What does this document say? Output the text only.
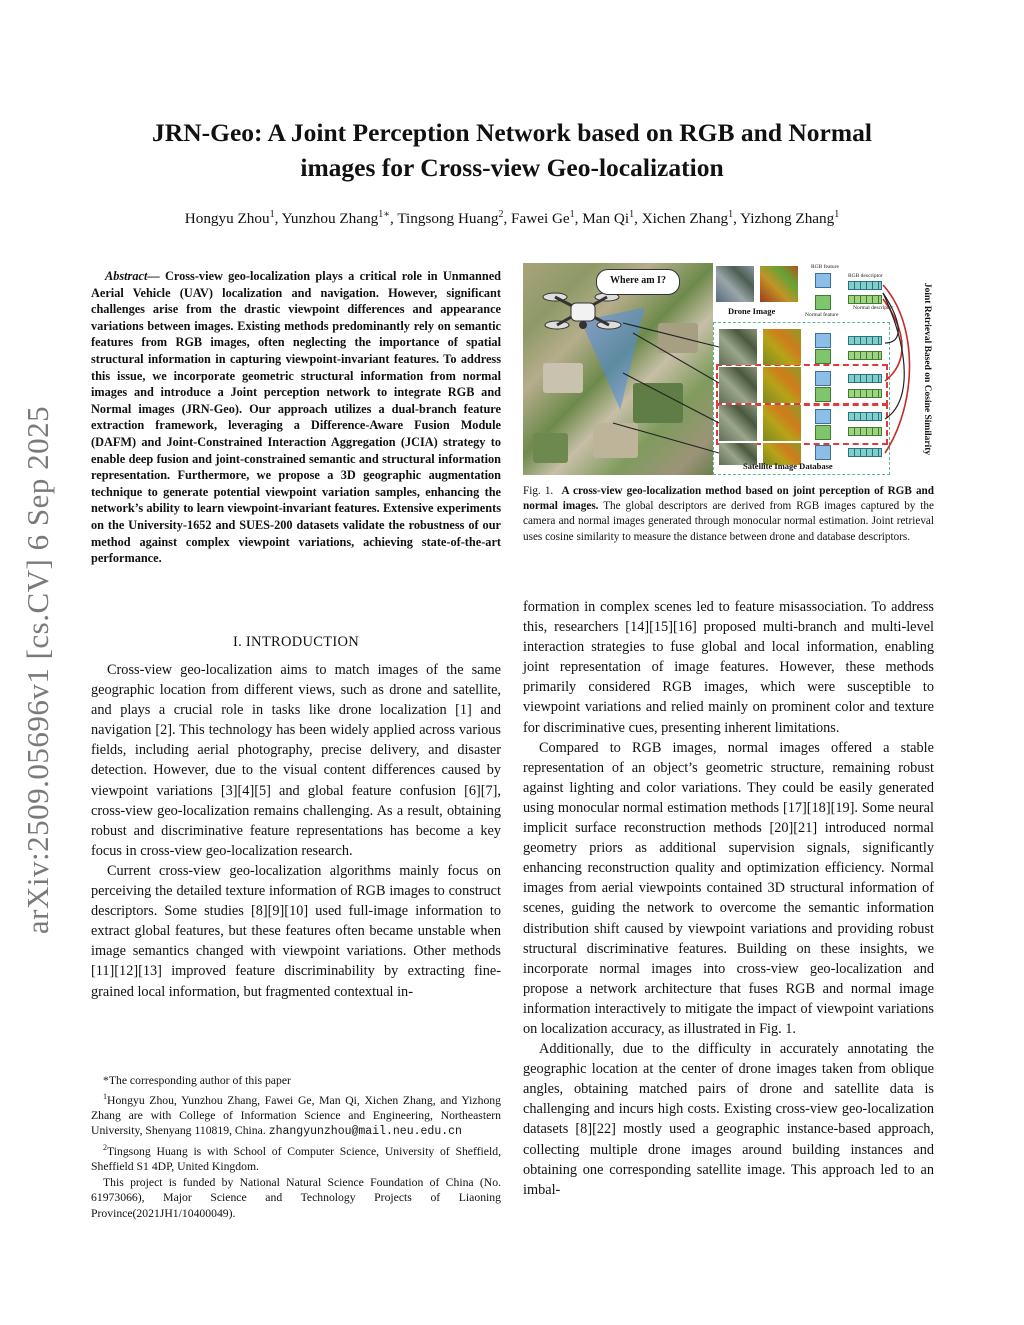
arXiv:2509.05696v1 [cs.CV] 6 Sep 2025
JRN-Geo: A Joint Perception Network based on RGB and Normal
images for Cross-view Geo-localization
Hongyu Zhou$^1$, Yunzhou Zhang$^{1∗}$, Tingsong Huang$^2$, Fawei Ge$^1$, Man Qi$^1$, Xichen Zhang$^1$, Yizhong Zhang$^1$
Abstract— Cross-view geo-localization plays a critical role in Unmanned Aerial Vehicle (UAV) localization and navigation. However, significant challenges arise from the drastic viewpoint differences and appearance variations between images. Existing methods predominantly rely on semantic features from RGB images, often neglecting the importance of spatial structural information in capturing viewpoint-invariant features. To address this issue, we incorporate geometric structural information from normal images and introduce a Joint perception network to integrate RGB and Normal images (JRN-Geo). Our approach utilizes a dual-branch feature extraction framework, leveraging a Difference-Aware Fusion Module (DAFM) and Joint-Constrained Interaction Aggregation (JCIA) strategy to enable deep fusion and joint-constrained semantic and structural information representation. Furthermore, we propose a 3D geographic augmentation technique to generate potential viewpoint variation samples, enhancing the network’s ability to learn viewpoint-invariant features. Extensive experiments on the University-1652 and SUES-200 datasets validate the robustness of our method against complex viewpoint variations, achieving state-of-the-art performance.
I. INTRODUCTION

Cross-view geo-localization aims to match images of the same geographic location from different views, such as drone and satellite, and plays a crucial role in tasks like drone localization [1] and navigation [2]. This technology has been widely applied across various fields, including aerial photography, precise delivery, and disaster detection. However, due to the visual content differences caused by viewpoint variations [3][4][5] and global feature confusion [6][7], cross-view geo-localization remains challenging. As a result, obtaining robust and discriminative feature representations has become a key focus in cross-view geo-localization research.

Current cross-view geo-localization algorithms mainly focus on perceiving the detailed texture information of RGB images to construct descriptors. Some studies [8][9][10] used full-image information to extract global features, but these features often became unstable when image semantics changed with viewpoint variations. Other methods [11][12][13] improved feature discriminability by extracting fine-grained local information, but fragmented contextual in-

*The corresponding author of this paper

$^1$Hongyu Zhou, Yunzhou Zhang, Fawei Ge, Man Qi, Xichen Zhang, and Yizhong Zhang are with College of Information Science and Engineering, Northeastern University, Shenyang 110819, China. zhangyunzhou@mail.neu.edu.cn

$^2$Tingsong Huang is with School of Computer Science, University of Sheffield, Sheffield S1 4DP, United Kingdom.

This project is funded by National Natural Science Foundation of China (No. 61973066), Major Science and Technology Projects of Liaoning Province(2021JH1/10400049).

Where am I?
Drone Image
RGB feature
RGB descriptor
Normal feature
Normal descriptor
Satellite Image Database
Joint Retrieval Based on Cosine Similarity
Fig. 1. A cross-view geo-localization method based on joint perception of RGB and normal images. The global descriptors are derived from RGB images captured by the camera and normal images generated through monocular normal estimation. Joint retrieval uses cosine similarity to measure the distance between drone and database descriptors.

formation in complex scenes led to feature misassociation. To address this, researchers [14][15][16] proposed multi-branch and multi-level interaction strategies to fuse global and local information, enabling joint representation of image features. However, these methods primarily considered RGB images, which were susceptible to viewpoint variations and relied mainly on prominent color and texture for discriminative cues, presenting inherent limitations.

Compared to RGB images, normal images offered a stable representation of an object’s geometric structure, remaining robust against lighting and color variations. They could be easily generated using monocular normal estimation methods [17][18][19]. Some neural implicit surface reconstruction methods [20][21] introduced normal geometry priors as additional supervision signals, significantly enhancing reconstruction quality and optimization efficiency. Normal images from aerial viewpoints contained 3D structural information of scenes, guiding the network to overcome the semantic information distribution shift caused by viewpoint variations and providing robust structural discriminative features. Building on these insights, we incorporate normal images into cross-view geo-localization and propose a network architecture that fuses RGB and normal image information interactively to mitigate the impact of viewpoint variations on localization accuracy, as illustrated in Fig. 1.

Additionally, due to the difficulty in accurately annotating the geographic location at the center of drone images taken from oblique angles, obtaining matched pairs of drone and satellite data is challenging and incurs high costs. Existing cross-view geo-localization datasets [8][22] mostly used a geographic instance-based approach, collecting multiple drone images around building instances and obtaining one corresponding satellite image. This approach led to an imbal-
